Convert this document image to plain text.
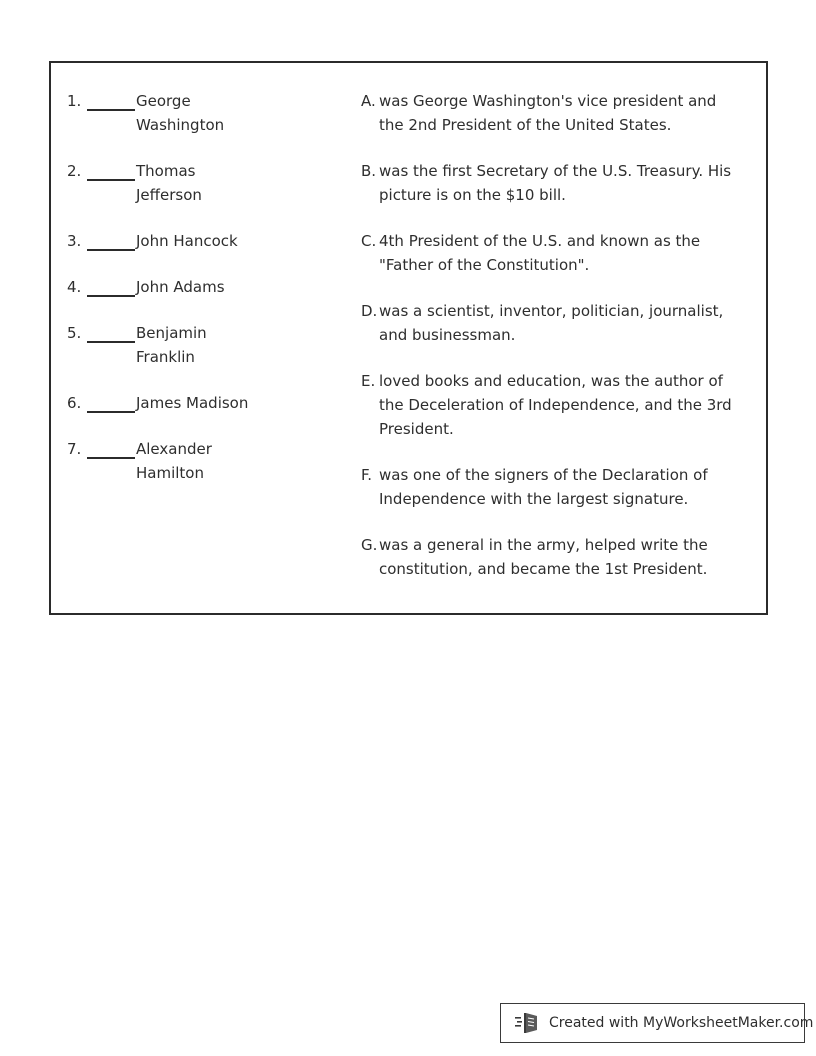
1.	George Washington
2.	Thomas Jefferson
3.	John Hancock
4.	John Adams
5.	Benjamin Franklin
6.	James Madison
7.	Alexander Hamilton
A. was George Washington's vice president and the 2nd President of the United States.
B. was the first Secretary of the U.S. Treasury. His picture is on the $10 bill.
C. 4th President of the U.S. and known as the "Father of the Constitution".
D. was a scientist, inventor, politician, journalist, and businessman.
E. loved books and education, was the author of the Deceleration of Independence, and the 3rd President.
F. was one of the signers of the Declaration of Independence with the largest signature.
G. was a general in the army, helped write the constitution, and became the 1st President.
Created with MyWorksheetMaker.com
